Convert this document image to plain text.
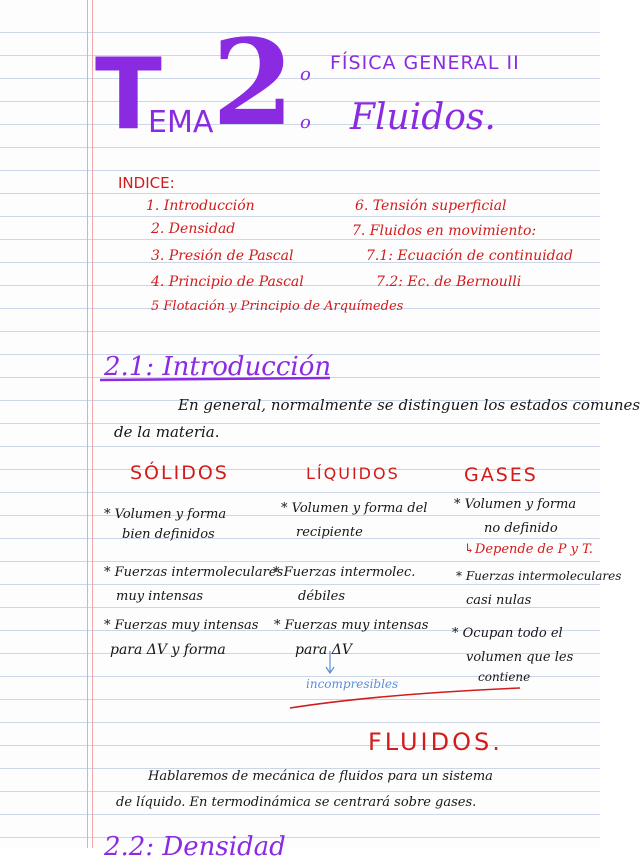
T
EMA
2 o
o
FÍSICA GENERAL II
Fluidos.
INDICE:
1. Introducción
2. Densidad
3. Presión de Pascal
4. Principio de Pascal
5 Flotación y Principio de Arquímedes
6. Tensión superficial
7. Fluidos en movimiento:
7.1: Ecuación de continuidad
7.2: Ec. de Bernoulli
2.1: Introducción
En general, normalmente se distinguen los estados comunes
de la materia.
SÓLIDOS	LÍQUIDOS	GASES
* Volumen y forma
bien definidos
* Fuerzas intermoleculares
muy intensas
* Fuerzas muy intensas
para ΔV y forma
* Volumen y forma del
recipiente
* Fuerzas intermolec.
débiles
* Fuerzas muy intensas
para ΔV
incompresibles
* Volumen y forma
no definido
↳Depende de P y T.
* Fuerzas intermoleculares
casi nulas
* Ocupan todo el
volumen que les
contiene
FLUIDOS.
Hablaremos de mecánica de fluidos para un sistema
de líquido. En termodinámica se centrará sobre gases.
2.2: Densidad
